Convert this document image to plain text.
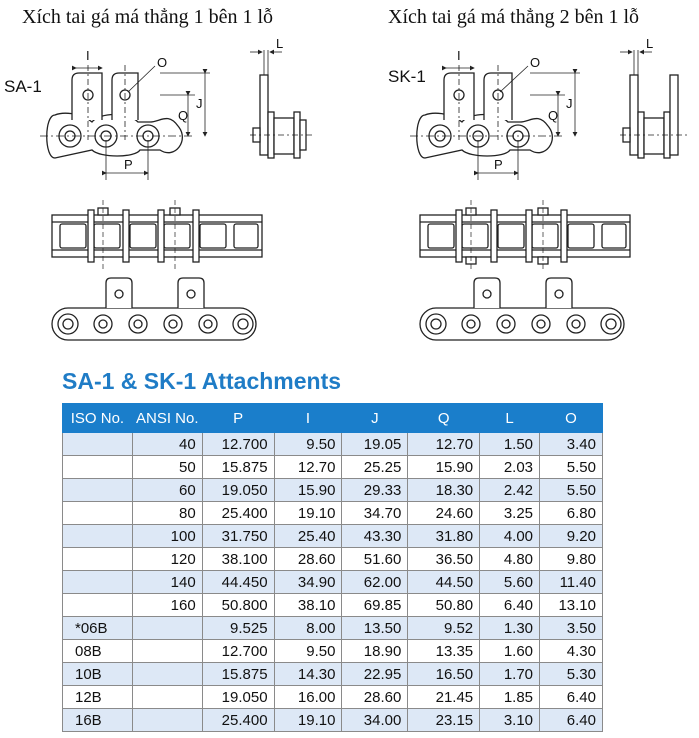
Xích tai gá má thẳng 1 bên 1 lỗ	Xích tai gá má thẳng 2 bên 1 lỗ
SA-1
SK-1
I	O
Q
J
P
L
I	O
Q
J
P
L
SA-1 & SK-1 Attachments
ISO No.	ANSI No.	P	I	J	Q	L	O
	40	12.700	9.50	19.05	12.70	1.50	3.40
	50	15.875	12.70	25.25	15.90	2.03	5.50
	60	19.050	15.90	29.33	18.30	2.42	5.50
	80	25.400	19.10	34.70	24.60	3.25	6.80
	100	31.750	25.40	43.30	31.80	4.00	9.20
	120	38.100	28.60	51.60	36.50	4.80	9.80
	140	44.450	34.90	62.00	44.50	5.60	11.40
	160	50.800	38.10	69.85	50.80	6.40	13.10
*06B		9.525	8.00	13.50	9.52	1.30	3.50
08B		12.700	9.50	18.90	13.35	1.60	4.30
10B		15.875	14.30	22.95	16.50	1.70	5.30
12B		19.050	16.00	28.60	21.45	1.85	6.40
16B		25.400	19.10	34.00	23.15	3.10	6.40
